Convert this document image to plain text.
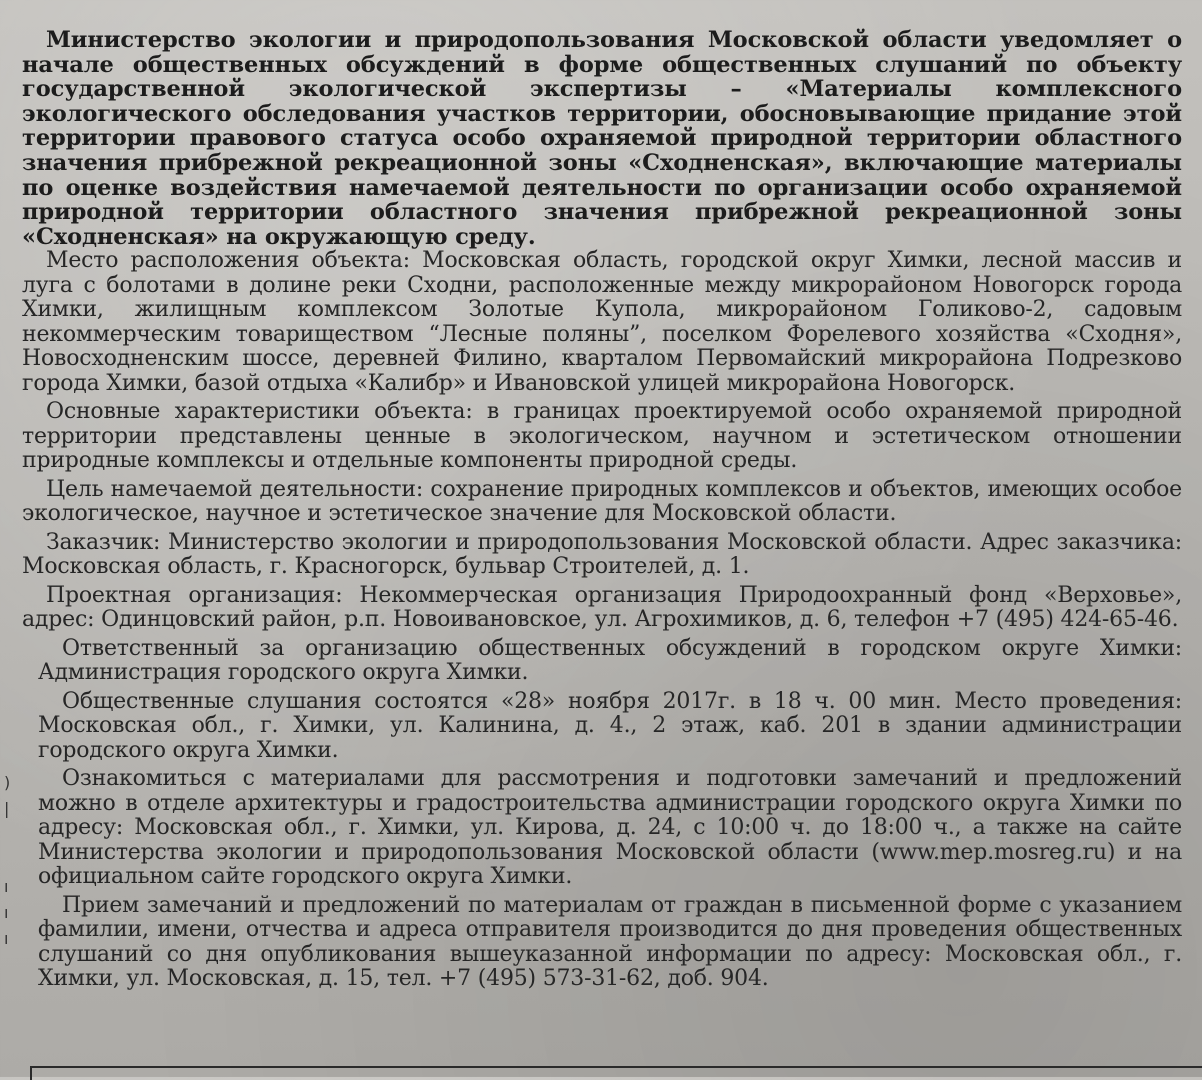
Министерство экологии и природопользования Московской области уведомляет о начале общественных обсуждений в форме общественных слушаний по объекту государственной экологической экспертизы – «Материалы комплексного экологического обследования участков территории, обосновывающие придание этой территории правового статуса особо охраняемой природной территории областного значения прибрежной рекреационной зоны «Сходненская», включающие материалы по оценке воздействия намечаемой деятельности по организации особо охраняемой природной территории областного значения прибрежной рекреационной зоны «Сходненская» на окружающую среду.

Место расположения объекта: Московская область, городской округ Химки, лесной массив и луга с болотами в долине реки Сходни, расположенные между микрорайоном Новогорск города Химки, жилищным комплексом Золотые Купола, микрорайоном Голиково-2, садовым некоммерческим товариществом “Лесные поляны”, поселком Форелевого хозяйства «Сходня», Новосходненским шоссе, деревней Филино, кварталом Первомайский микрорайона Подрезково города Химки, базой отдыха «Калибр» и Ивановской улицей микрорайона Новогорск.

Основные характеристики объекта: в границах проектируемой особо охраняемой природной территории представлены ценные в экологическом, научном и эстетическом отношении природные комплексы и отдельные компоненты природной среды.

Цель намечаемой деятельности: сохранение природных комплексов и объектов, имеющих особое экологическое, научное и эстетическое значение для Московской области.

Заказчик: Министерство экологии и природопользования Московской области. Адрес заказчика: Московская область, г. Красногорск, бульвар Строителей, д. 1.

Проектная организация: Некоммерческая организация Природоохранный фонд «Верховье», адрес: Одинцовский район, р.п. Новоивановское, ул. Агрохимиков, д. 6, телефон +7 (495) 424-65-46.

Ответственный за организацию общественных обсуждений в городском округе Химки: Администрация городского округа Химки.

Общественные слушания состоятся «28» ноября 2017г. в 18 ч. 00 мин. Место проведения: Московская обл., г. Химки, ул. Калинина, д. 4., 2 этаж, каб. 201 в здании администрации городского округа Химки.

Ознакомиться с материалами для рассмотрения и подготовки замечаний и предложений можно в отделе архитектуры и градостроительства администрации городского округа Химки по адресу: Московская обл., г. Химки, ул. Кирова, д. 24, с 10:00 ч. до 18:00 ч., а также на сайте Министерства экологии и природопользования Московской области (www.mep.mosreg.ru) и на официальном сайте городского округа Химки.

Прием замечаний и предложений по материалам от граждан в письменной форме с указанием фамилии, имени, отчества и адреса отправителя производится до дня проведения общественных слушаний со дня опубликования вышеуказанной информации по адресу: Московская обл., г. Химки, ул. Московская, д. 15, тел. +7 (495) 573-31-62, доб. 904.

)
|
ı
ı
ı
